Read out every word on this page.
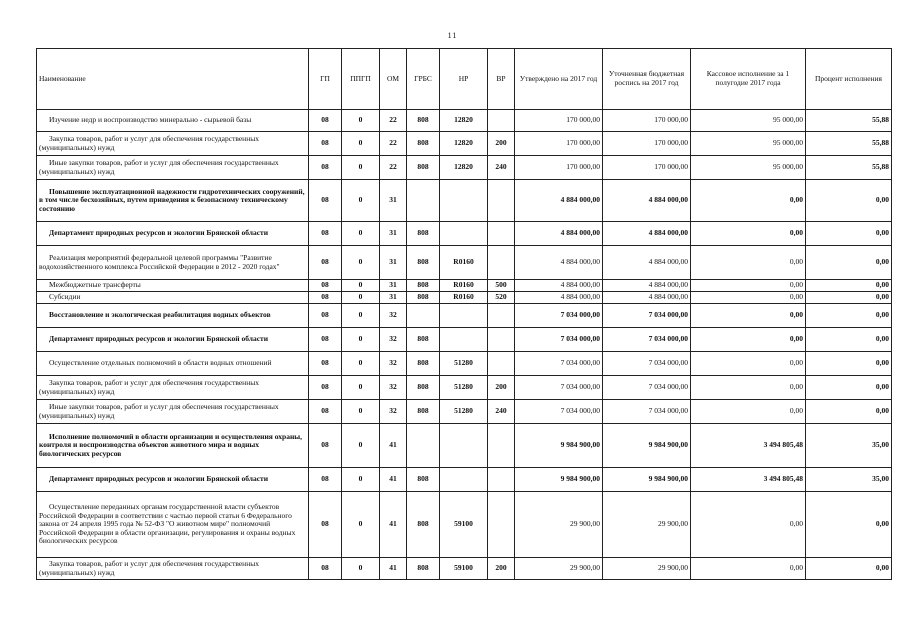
11
Наименование	ГП	ППГП	ОМ	ГРБС	НР	ВР	Утверждено на 2017 год	Уточненная бюджетная роспись на 2017 год	Кассовое исполнение за 1 полугодие 2017 года	Процент исполнения
Изучение недр и воспроизводство минерально - сырьевой базы	08	0	22	808	12820		170 000,00	170 000,00	95 000,00	55,88
Закупка товаров, работ и услуг для обеспечения государственных (муниципальных) нужд	08	0	22	808	12820	200	170 000,00	170 000,00	95 000,00	55,88
Иные закупки товаров, работ и услуг для обеспечения государственных (муниципальных) нужд	08	0	22	808	12820	240	170 000,00	170 000,00	95 000,00	55,88
Повышение эксплуатационной надежности гидротехнических сооружений, в том числе бесхозяйных, путем приведения к безопасному техническому состоянию	08	0	31				4 884 000,00	4 884 000,00	0,00	0,00
Департамент природных ресурсов и экологии Брянской области	08	0	31	808			4 884 000,00	4 884 000,00	0,00	0,00
Реализация мероприятий федеральной целевой программы "Развитие водохозяйственного комплекса Российской Федерации в 2012 - 2020 годах"	08	0	31	808	R0160		4 884 000,00	4 884 000,00	0,00	0,00
Межбюджетные трансферты	08	0	31	808	R0160	500	4 884 000,00	4 884 000,00	0,00	0,00
Субсидии	08	0	31	808	R0160	520	4 884 000,00	4 884 000,00	0,00	0,00
Восстановление и экологическая реабилитация водных объектов	08	0	32				7 034 000,00	7 034 000,00	0,00	0,00
Департамент природных ресурсов и экологии Брянской области	08	0	32	808			7 034 000,00	7 034 000,00	0,00	0,00
Осуществление отдельных полномочий в области водных отношений	08	0	32	808	51280		7 034 000,00	7 034 000,00	0,00	0,00
Закупка товаров, работ и услуг для обеспечения государственных (муниципальных) нужд	08	0	32	808	51280	200	7 034 000,00	7 034 000,00	0,00	0,00
Иные закупки товаров, работ и услуг для обеспечения государственных (муниципальных) нужд	08	0	32	808	51280	240	7 034 000,00	7 034 000,00	0,00	0,00
Исполнение полномочий в области организации и осуществления охраны, контроля и воспроизводства объектов животного мира и водных биологических ресурсов	08	0	41				9 984 900,00	9 984 900,00	3 494 805,48	35,00
Департамент природных ресурсов и экологии Брянской области	08	0	41	808			9 984 900,00	9 984 900,00	3 494 805,48	35,00
Осуществление переданных органам государственной власти субъектов Российской Федерации в соответствии с частью первой статьи 6 Федерального закона от 24 апреля 1995 года № 52-ФЗ "О животном мире" полномочий Российской Федерации в области организации, регулирования и охраны водных биологических ресурсов	08	0	41	808	59100		29 900,00	29 900,00	0,00	0,00
Закупка товаров, работ и услуг для обеспечения государственных (муниципальных) нужд	08	0	41	808	59100	200	29 900,00	29 900,00	0,00	0,00
